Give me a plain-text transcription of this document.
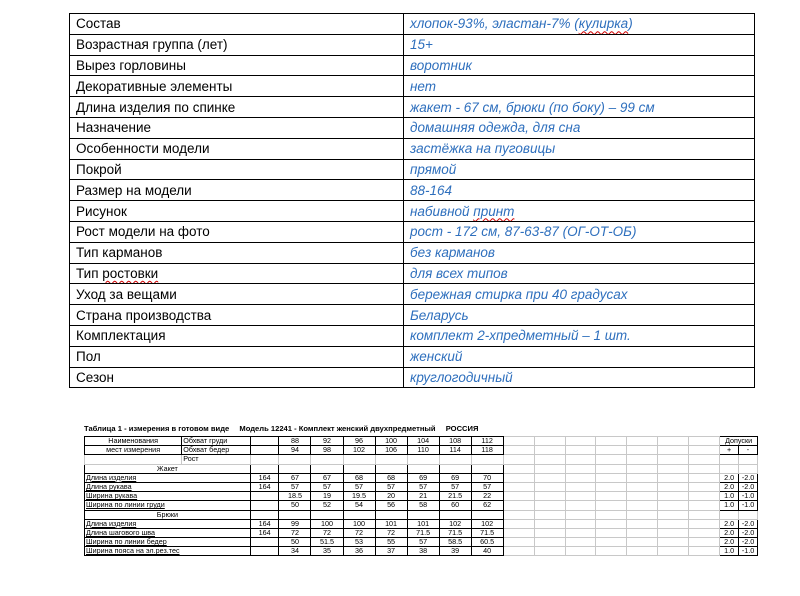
Состав	хлопок-93%, эластан-7% (кулирка)
Возрастная группа (лет)	15+
Вырез горловины	воротник
Декоративные элементы	нет
Длина изделия по спинке	жакет - 67 см, брюки (по боку) – 99 см
Назначение	домашняя одежда, для сна
Особенности модели	застёжка на пуговицы
Покрой	прямой
Размер на модели	88-164
Рисунок	набивной принт
Рост модели на фото	рост - 172 см, 87-63-87 (ОГ-ОТ-ОБ)
Тип карманов	без карманов
Тип ростовки	для всех типов
Уход за вещами	бережная стирка при 40 градусах
Страна производства	Беларусь
Комплектация	комплект 2-хпредметный – 1 шт.
Пол	женский
Сезон	круглогодичный
Таблица 1 - измерения в готовом виде Модель 12241 - Комплект женский двухпредметный РОССИЯ
Наименования	Обхват груди		88	92	96	100	104	108	112								Допуски	
мест измерения	Обхват бедер		94	98	102	106	110	114	118								+	-
	Рост																	
Жакет																		
Длина изделия		164	67	67	68	68	69	69	70								2.0	-2.0
Длина рукава		164	57	57	57	57	57	57	57								2.0	-2.0
Ширина рукава			18.5	19	19.5	20	21	21.5	22								1.0	-1.0
Ширина по линии груди			50	52	54	56	58	60	62								1.0	-1.0
Брюки																		
Длина изделия		164	99	100	100	101	101	102	102								2.0	-2.0
Длина шагового шва		164	72	72	72	72	71.5	71.5	71.5								2.0	-2.0
Ширина по линии бедер			50	51.5	53	55	57	58.5	60.5								2.0	-2.0
Ширина пояса на эл.рез.тес			34	35	36	37	38	39	40								1.0	-1.0
